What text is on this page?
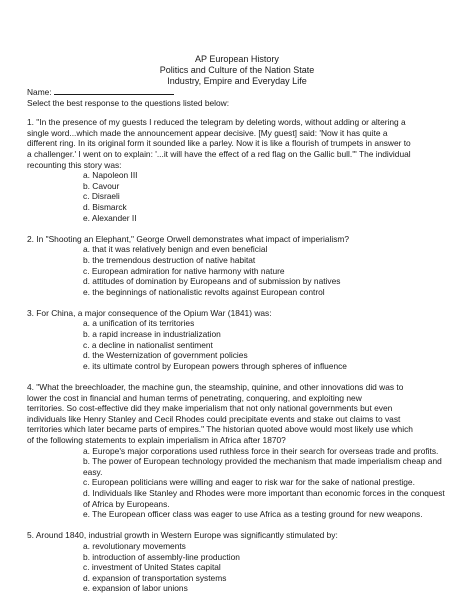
AP European History
Politics and Culture of the Nation State
Industry, Empire and Everyday Life
Name:
Select the best response to the questions listed below:
1. "In the presence of my guests I reduced the telegram by deleting words, without adding or altering a
single word...which made the announcement appear decisive. [My guest] said: 'Now it has quite a
different ring. In its original form it sounded like a parley. Now it is like a flourish of trumpets in answer to
a challenger.' I went on to explain: '...it will have the effect of a red flag on the Gallic bull.'" The individual
recounting this story was:
a. Napoleon III
b. Cavour
c. Disraeli
d. Bismarck
e. Alexander II
2. In "Shooting an Elephant," George Orwell demonstrates what impact of imperialism?
a. that it was relatively benign and even beneficial
b. the tremendous destruction of native habitat
c. European admiration for native harmony with nature
d. attitudes of domination by Europeans and of submission by natives
e. the beginnings of nationalistic revolts against European control
3. For China, a major consequence of the Opium War (1841) was:
a. a unification of its territories
b. a rapid increase in industrialization
c. a decline in nationalist sentiment
d. the Westernization of government policies
e. its ultimate control by European powers through spheres of influence
4. "What the breechloader, the machine gun, the steamship, quinine, and other innovations did was to
lower the cost in financial and human terms of penetrating, conquering, and exploiting new
territories. So cost-effective did they make imperialism that not only national governments but even
individuals like Henry Stanley and Cecil Rhodes could precipitate events and stake out claims to vast
territories which later became parts of empires." The historian quoted above would most likely use which
of the following statements to explain imperialism in Africa after 1870?
a. Europe's major corporations used ruthless force in their search for overseas trade and profits.
b. The power of European technology provided the mechanism that made imperialism cheap and easy.
c. European politicians were willing and eager to risk war for the sake of national prestige.
d. Individuals like Stanley and Rhodes were more important than economic forces in the conquest of Africa by Europeans.
e. The European officer class was eager to use Africa as a testing ground for new weapons.
5. Around 1840, industrial growth in Western Europe was significantly stimulated by:
a. revolutionary movements
b. introduction of assembly-line production
c. investment of United States capital
d. expansion of transportation systems
e. expansion of labor unions
